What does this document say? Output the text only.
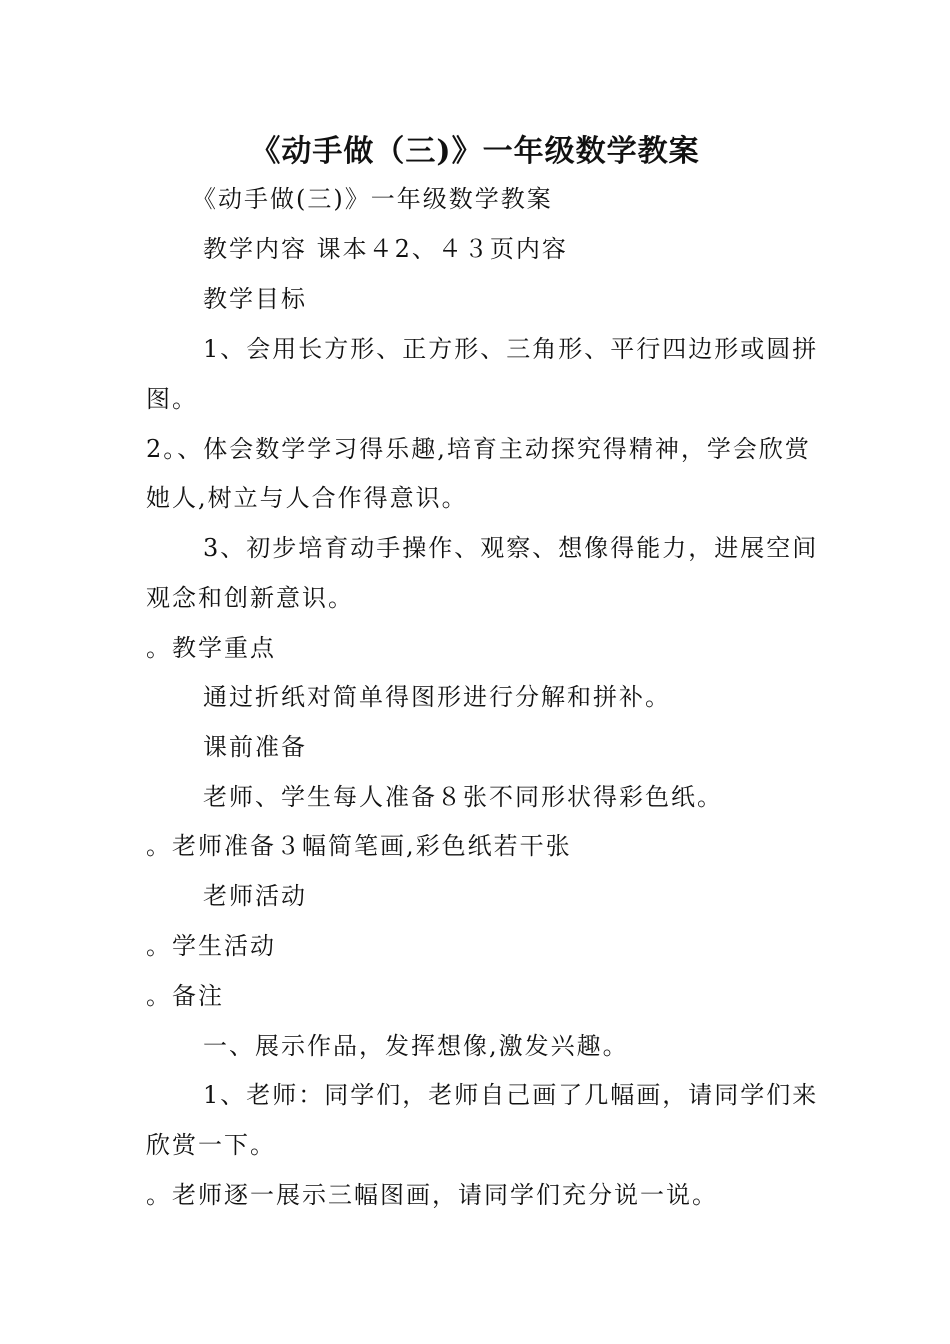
《动手做（三)》一年级数学教案
《动手做(三)》一年级数学教案
教学内容 课本４2、４３页内容
教学目标
1、会用长方形、正方形、三角形、平行四边形或圆拼
图。
2。、体会数学学习得乐趣,培育主动探究得精神，学会欣赏
她人,树立与人合作得意识。
3、初步培育动手操作、观察、想像得能力，进展空间
观念和创新意识。
。教学重点
通过折纸对简单得图形进行分解和拼补。
课前准备
老师、学生每人准备８张不同形状得彩色纸。
。老师准备３幅简笔画,彩色纸若干张
老师活动
。学生活动
。备注
一、展示作品，发挥想像,激发兴趣。
1、老师：同学们，老师自己画了几幅画，请同学们来
欣赏一下。
。老师逐一展示三幅图画，请同学们充分说一说。
